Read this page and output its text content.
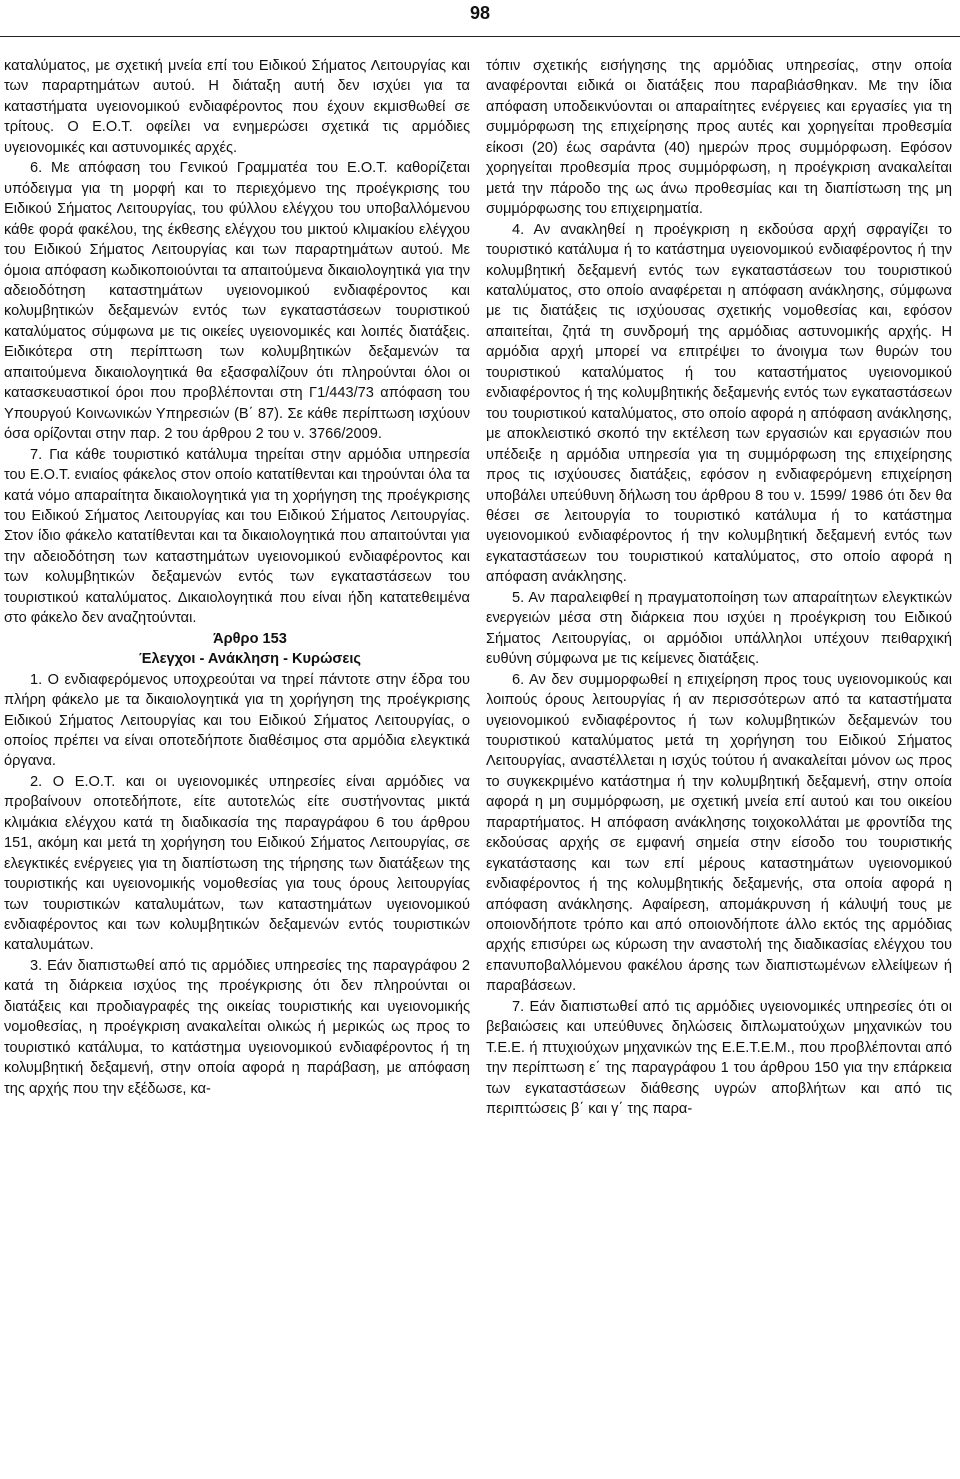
98

καταλύματος, με σχετική μνεία επί του Ειδικού Σήματος Λειτουργίας και των παραρτημάτων αυτού. Η διάταξη αυτή δεν ισχύει για τα καταστήματα υγειονομικού ενδιαφέροντος που έχουν εκμισθωθεί σε τρίτους. Ο Ε.Ο.Τ. οφείλει να ενημερώσει σχετικά τις αρμόδιες υγειονομικές και αστυνομικές αρχές.

6. Με απόφαση του Γενικού Γραμματέα του Ε.Ο.Τ. καθορίζεται υπόδειγμα για τη μορφή και το περιεχόμενο της προέγκρισης του Ειδικού Σήματος Λειτουργίας, του φύλλου ελέγχου του υποβαλλόμενου κάθε φορά φακέλου, της έκθεσης ελέγχου του μικτού κλιμακίου ελέγχου του Ειδικού Σήματος Λειτουργίας και των παραρτημάτων αυτού. Με όμοια απόφαση κωδικοποιούνται τα απαιτούμενα δικαιολογητικά για την αδειοδότηση καταστημάτων υγειονομικού ενδιαφέροντος και κολυμβητικών δεξαμενών εντός των εγκαταστάσεων τουριστικού καταλύματος σύμφωνα με τις οικείες υγειονομικές και λοιπές διατάξεις. Ειδικότερα στη περίπτωση των κολυμβητικών δεξαμενών τα απαιτούμενα δικαιολογητικά θα εξασφαλίζουν ότι πληρούνται όλοι οι κατασκευαστικοί όροι που προβλέπονται στη Γ1/443/73 απόφαση του Υπουργού Κοινωνικών Υπηρεσιών (Β΄ 87). Σε κάθε περίπτωση ισχύουν όσα ορίζονται στην παρ. 2 του άρθρου 2 του ν. 3766/2009.

7. Για κάθε τουριστικό κατάλυμα τηρείται στην αρμόδια υπηρεσία του Ε.Ο.Τ. ενιαίος φάκελος στον οποίο κατατίθενται και τηρούνται όλα τα κατά νόμο απαραίτητα δικαιολογητικά για τη χορήγηση της προέγκρισης του Ειδικού Σήματος Λειτουργίας και του Ειδικού Σήματος Λειτουργίας. Στον ίδιο φάκελο κατατίθενται και τα δικαιολογητικά που απαιτούνται για την αδειοδότηση των καταστημάτων υγειονομικού ενδιαφέροντος και των κολυμβητικών δεξαμενών εντός των εγκαταστάσεων του τουριστικού καταλύματος. Δικαιολογητικά που είναι ήδη κατατεθειμένα στο φάκελο δεν αναζητούνται.

Άρθρο 153

Έλεγχοι - Ανάκληση - Κυρώσεις

1. Ο ενδιαφερόμενος υποχρεούται να τηρεί πάντοτε στην έδρα του πλήρη φάκελο με τα δικαιολογητικά για τη χορήγηση της προέγκρισης Ειδικού Σήματος Λειτουργίας και του Ειδικού Σήματος Λειτουργίας, ο οποίος πρέπει να είναι οποτεδήποτε διαθέσιμος στα αρμόδια ελεγκτικά όργανα.

2. Ο Ε.Ο.Τ. και οι υγειονομικές υπηρεσίες είναι αρμόδιες να προβαίνουν οποτεδήποτε, είτε αυτοτελώς είτε συστήνοντας μικτά κλιμάκια ελέγχου κατά τη διαδικασία της παραγράφου 6 του άρθρου 151, ακόμη και μετά τη χορήγηση του Ειδικού Σήματος Λειτουργίας, σε ελεγκτικές ενέργειες για τη διαπίστωση της τήρησης των διατάξεων της τουριστικής και υγειονομικής νομοθεσίας για τους όρους λειτουργίας των τουριστικών καταλυμάτων, των καταστημάτων υγειονομικού ενδιαφέροντος και των κολυμβητικών δεξαμενών εντός τουριστικών καταλυμάτων.

3. Εάν διαπιστωθεί από τις αρμόδιες υπηρεσίες της παραγράφου 2 κατά τη διάρκεια ισχύος της προέγκρισης ότι δεν πληρούνται οι διατάξεις και προδιαγραφές της οικείας τουριστικής και υγειονομικής νομοθεσίας, η προέγκριση ανακαλείται ολικώς ή μερικώς ως προς το τουριστικό κατάλυμα, το κατάστημα υγειονομικού ενδιαφέροντος ή τη κολυμβητική δεξαμενή, στην οποία αφορά η παράβαση, με απόφαση της αρχής που την εξέδωσε, κα-

τόπιν σχετικής εισήγησης της αρμόδιας υπηρεσίας, στην οποία αναφέρονται ειδικά οι διατάξεις που παραβιάσθηκαν. Με την ίδια απόφαση υποδεικνύονται οι απαραίτητες ενέργειες και εργασίες για τη συμμόρφωση της επιχείρησης προς αυτές και χορηγείται προθεσμία είκοσι (20) έως σαράντα (40) ημερών προς συμμόρφωση. Εφόσον χορηγείται προθεσμία προς συμμόρφωση, η προέγκριση ανακαλείται μετά την πάροδο της ως άνω προθεσμίας και τη διαπίστωση της μη συμμόρφωσης του επιχειρηματία.

4. Αν ανακληθεί η προέγκριση η εκδούσα αρχή σφραγίζει το τουριστικό κατάλυμα ή το κατάστημα υγειονομικού ενδιαφέροντος ή την κολυμβητική δεξαμενή εντός των εγκαταστάσεων του τουριστικού καταλύματος, στο οποίο αναφέρεται η απόφαση ανάκλησης, σύμφωνα με τις διατάξεις τις ισχύουσας σχετικής νομοθεσίας και, εφόσον απαιτείται, ζητά τη συνδρομή της αρμόδιας αστυνομικής αρχής. Η αρμόδια αρχή μπορεί να επιτρέψει το άνοιγμα των θυρών του τουριστικού καταλύματος ή του καταστήματος υγειονομικού ενδιαφέροντος ή της κολυμβητικής δεξαμενής εντός των εγκαταστάσεων του τουριστικού καταλύματος, στο οποίο αφορά η απόφαση ανάκλησης, με αποκλειστικό σκοπό την εκτέλεση των εργασιών και εργασιών που υπέδειξε η αρμόδια υπηρεσία για τη συμμόρφωση της επιχείρησης προς τις ισχύουσες διατάξεις, εφόσον η ενδιαφερόμενη επιχείρηση υποβάλει υπεύθυνη δήλωση του άρθρου 8 του ν. 1599/ 1986 ότι δεν θα θέσει σε λειτουργία το τουριστικό κατάλυμα ή το κατάστημα υγειονομικού ενδιαφέροντος ή την κολυμβητική δεξαμενή εντός των εγκαταστάσεων του τουριστικού καταλύματος, στο οποίο αφορά η απόφαση ανάκλησης.

5. Αν παραλειφθεί η πραγματοποίηση των απαραίτητων ελεγκτικών ενεργειών μέσα στη διάρκεια που ισχύει η προέγκριση του Ειδικού Σήματος Λειτουργίας, οι αρμόδιοι υπάλληλοι υπέχουν πειθαρχική ευθύνη σύμφωνα με τις κείμενες διατάξεις.

6. Αν δεν συμμορφωθεί η επιχείρηση προς τους υγειονομικούς και λοιπούς όρους λειτουργίας ή αν περισσότερων από τα καταστήματα υγειονομικού ενδιαφέροντος ή των κολυμβητικών δεξαμενών του τουριστικού καταλύματος μετά τη χορήγηση του Ειδικού Σήματος Λειτουργίας, αναστέλλεται η ισχύς τούτου ή ανακαλείται μόνον ως προς το συγκεκριμένο κατάστημα ή την κολυμβητική δεξαμενή, στην οποία αφορά η μη συμμόρφωση, με σχετική μνεία επί αυτού και του οικείου παραρτήματος. Η απόφαση ανάκλησης τοιχοκολλάται με φροντίδα της εκδούσας αρχής σε εμφανή σημεία στην είσοδο του τουριστικής εγκατάστασης και των επί μέρους καταστημάτων υγειονομικού ενδιαφέροντος ή της κολυμβητικής δεξαμενής, στα οποία αφορά η απόφαση ανάκλησης. Αφαίρεση, απομάκρυνση ή κάλυψή τους με οποιονδήποτε τρόπο και από οποιονδήποτε άλλο εκτός της αρμόδιας αρχής επισύρει ως κύρωση την αναστολή της διαδικασίας ελέγχου του επανυποβαλλόμενου φακέλου άρσης των διαπιστωμένων ελλείψεων ή παραβάσεων.

7. Εάν διαπιστωθεί από τις αρμόδιες υγειονομικές υπηρεσίες ότι οι βεβαιώσεις και υπεύθυνες δηλώσεις διπλωματούχων μηχανικών του Τ.Ε.Ε. ή πτυχιούχων μηχανικών της Ε.Ε.Τ.Ε.Μ., που προβλέπονται από την περίπτωση ε΄ της παραγράφου 1 του άρθρου 150 για την επάρκεια των εγκαταστάσεων διάθεσης υγρών αποβλήτων και από τις περιπτώσεις β΄ και γ΄ της παρα-
